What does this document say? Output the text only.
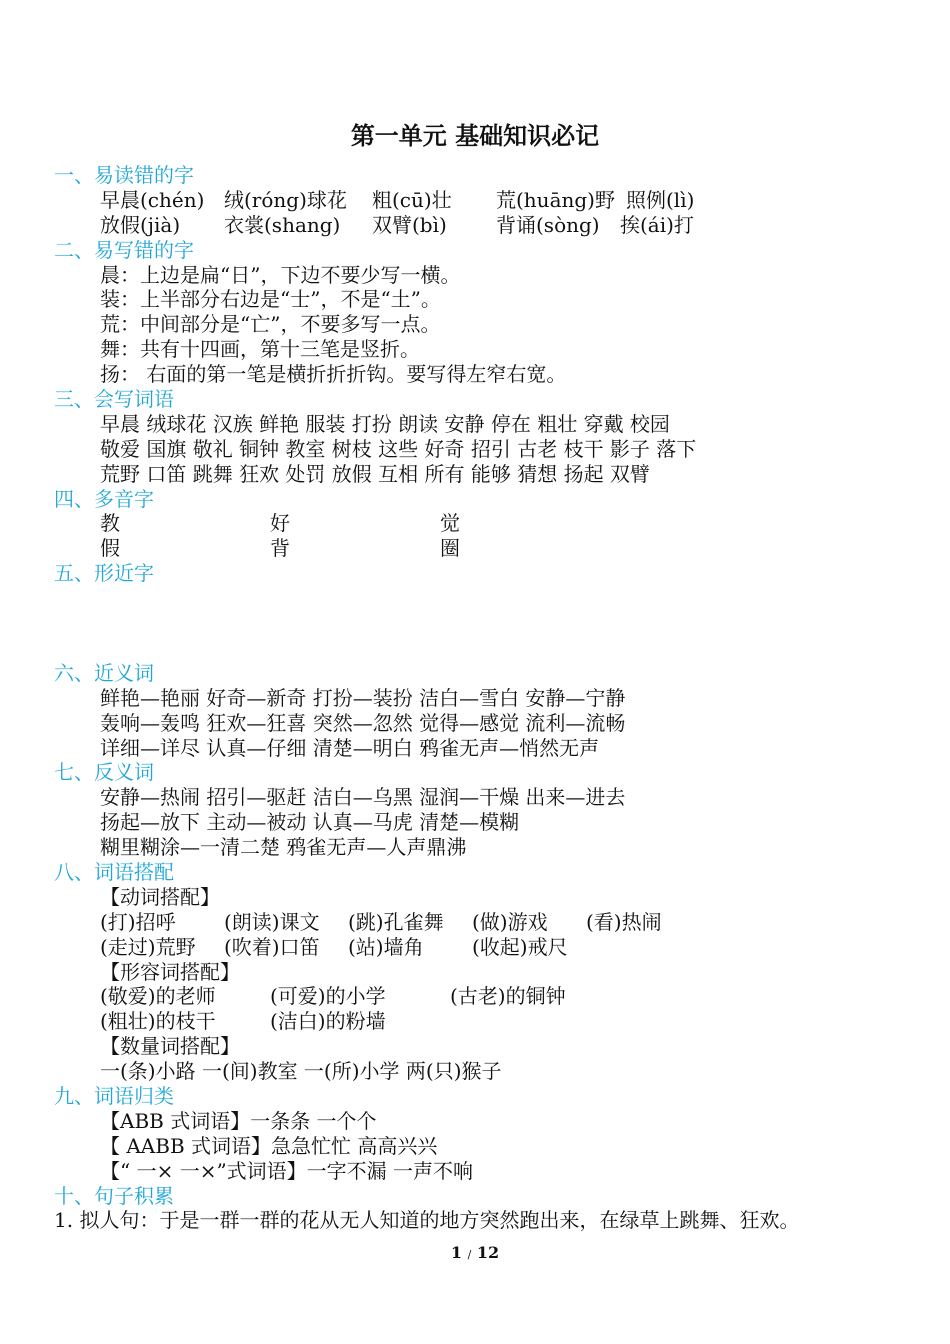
第一单元 基础知识必记
一、易读错的字
早晨(chén) 绒(róng)球花	粗(cū)壮	荒(huāng)野 照例(lì)
放假(jià)	衣裳(shang)	双臂(bì)	背诵(sòng)	挨(ái)打
二、易写错的字
晨：上边是扁“日”，下边不要少写一横。
装：上半部分右边是“士”，不是“土”。
荒：中间部分是“亡”，不要多写一点。
舞：共有十四画，第十三笔是竖折。
扬： 右面的第一笔是横折折折钩。要写得左窄右宽。
三、会写词语
早晨 绒球花 汉族 鲜艳 服装 打扮 朗读 安静 停在 粗壮 穿戴 校园
敬爱 国旗 敬礼 铜钟 教室 树枝 这些 好奇 招引 古老 枝干 影子 落下
荒野 口笛 跳舞 狂欢 处罚 放假 互相 所有 能够 猜想 扬起 双臂
四、多音字
教	好	觉
假	背	圈
五、形近字
六、近义词
鲜艳—艳丽 好奇—新奇 打扮—装扮 洁白—雪白 安静—宁静
轰响—轰鸣 狂欢—狂喜 突然—忽然 觉得—感觉 流利—流畅
详细—详尽 认真—仔细 清楚—明白 鸦雀无声—悄然无声
七、反义词
安静—热闹 招引—驱赶 洁白—乌黑 湿润—干燥 出来—进去
扬起—放下 主动—被动 认真—马虎 清楚—模糊
糊里糊涂—一清二楚 鸦雀无声—人声鼎沸
八、词语搭配
【动词搭配】
(打)招呼	(朗读)课文	(跳)孔雀舞	(做)游戏	(看)热闹
(走过)荒野	(吹着)口笛	(站)墙角	(收起)戒尺
【形容词搭配】
(敬爱)的老师	(可爱)的小学	(古老)的铜钟
(粗壮)的枝干	(洁白)的粉墙
【数量词搭配】
一(条)小路 一(间)教室 一(所)小学 两(只)猴子
九、词语归类
【ABB 式词语】一条条 一个个
【 AABB 式词语】急急忙忙 高高兴兴
【“ 一× 一×”式词语】一字不漏 一声不响
十、句子积累
1. 拟人句：于是一群一群的花从无人知道的地方突然跑出来，在绿草上跳舞、狂欢。
1 / 12
